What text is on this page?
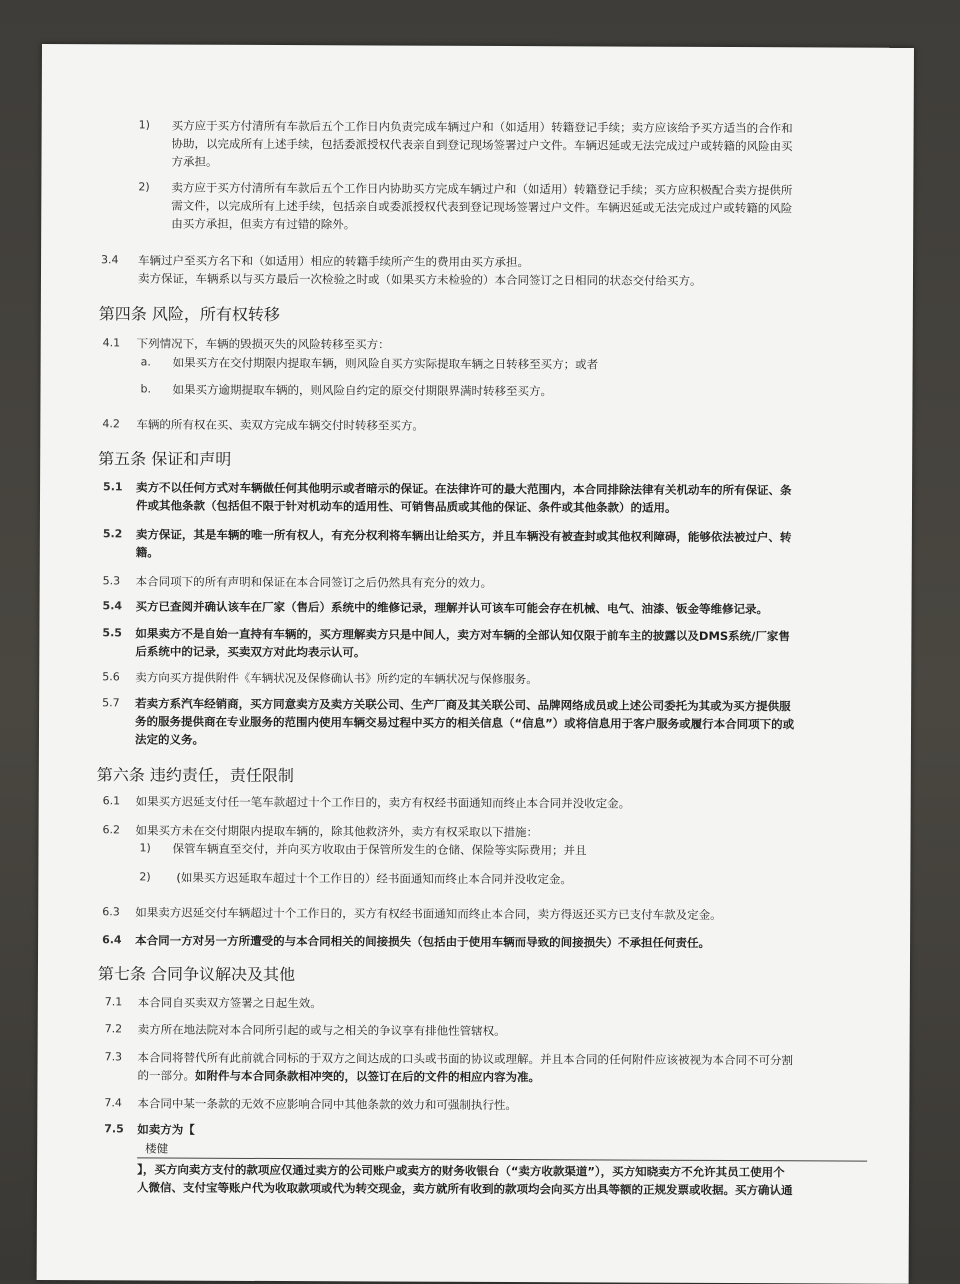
1) 买方应于买方付清所有车款后五个工作日内负责完成车辆过户和（如适用）转籍登记手续；卖方应该给予买方适当的合作和
协助，以完成所有上述手续，包括委派授权代表亲自到登记现场签署过户文件。车辆迟延或无法完成过户或转籍的风险由买
方承担。
2) 卖方应于买方付清所有车款后五个工作日内协助买方完成车辆过户和（如适用）转籍登记手续；买方应积极配合卖方提供所
需文件，以完成所有上述手续，包括亲自或委派授权代表到登记现场签署过户文件。车辆迟延或无法完成过户或转籍的风险
由买方承担，但卖方有过错的除外。
3.4 车辆过户至买方名下和（如适用）相应的转籍手续所产生的费用由买方承担。
卖方保证，车辆系以与买方最后一次检验之时或（如果买方未检验的）本合同签订之日相同的状态交付给买方。
第四条 风险，所有权转移
4.1 下列情况下，车辆的毁损灭失的风险转移至买方：
a. 如果买方在交付期限内提取车辆，则风险自买方实际提取车辆之日转移至买方；或者
b. 如果买方逾期提取车辆的，则风险自约定的原交付期限界满时转移至买方。
4.2 车辆的所有权在买、卖双方完成车辆交付时转移至买方。
第五条 保证和声明
5.1 卖方不以任何方式对车辆做任何其他明示或者暗示的保证。在法律许可的最大范围内，本合同排除法律有关机动车的所有保证、条
件或其他条款（包括但不限于针对机动车的适用性、可销售品质或其他的保证、条件或其他条款）的适用。
5.2 卖方保证，其是车辆的唯一所有权人，有充分权利将车辆出让给买方，并且车辆没有被查封或其他权利障碍，能够依法被过户、转
籍。
5.3 本合同项下的所有声明和保证在本合同签订之后仍然具有充分的效力。
5.4 买方已查阅并确认该车在厂家（售后）系统中的维修记录，理解并认可该车可能会存在机械、电气、油漆、钣金等维修记录。
5.5 如果卖方不是自始一直持有车辆的，买方理解卖方只是中间人，卖方对车辆的全部认知仅限于前车主的披露以及DMS系统/厂家售
后系统中的记录，买卖双方对此均表示认可。
5.6 卖方向买方提供附件《车辆状况及保修确认书》所约定的车辆状况与保修服务。
5.7 若卖方系汽车经销商，买方同意卖方及卖方关联公司、生产厂商及其关联公司、品牌网络成员或上述公司委托为其或为买方提供服
务的服务提供商在专业服务的范围内使用车辆交易过程中买方的相关信息（“信息”）或将信息用于客户服务或履行本合同项下的或
法定的义务。
第六条 违约责任，责任限制
6.1 如果买方迟延支付任一笔车款超过十个工作日的，卖方有权经书面通知而终止本合同并没收定金。
6.2 如果买方未在交付期限内提取车辆的，除其他救济外，卖方有权采取以下措施：
1) 保管车辆直至交付，并向买方收取由于保管所发生的仓储、保险等实际费用；并且
2) (如果买方迟延取车超过十个工作日的）经书面通知而终止本合同并没收定金。
6.3 如果卖方迟延交付车辆超过十个工作日的，买方有权经书面通知而终止本合同，卖方得返还买方已支付车款及定金。
6.4 本合同一方对另一方所遭受的与本合同相关的间接损失（包括由于使用车辆而导致的间接损失）不承担任何责任。
第七条 合同争议解决及其他
7.1 本合同自买卖双方签署之日起生效。
7.2 卖方所在地法院对本合同所引起的或与之相关的争议享有排他性管辖权。
7.3 本合同将替代所有此前就合同标的于双方之间达成的口头或书面的协议或理解。并且本合同的任何附件应该被视为本合同不可分割
的一部分。如附件与本合同条款相冲突的，以签订在后的文件的相应内容为准。
7.4 本合同中某一条款的无效不应影响合同中其他条款的效力和可强制执行性。
7.5 如卖方为【
楼健
】，买方向卖方支付的款项应仅通过卖方的公司账户或卖方的财务收银台（“卖方收款渠道”），买方知晓卖方不允许其员工使用个
人微信、支付宝等账户代为收取款项或代为转交现金，卖方就所有收到的款项均会向买方出具等额的正规发票或收据。买方确认通
